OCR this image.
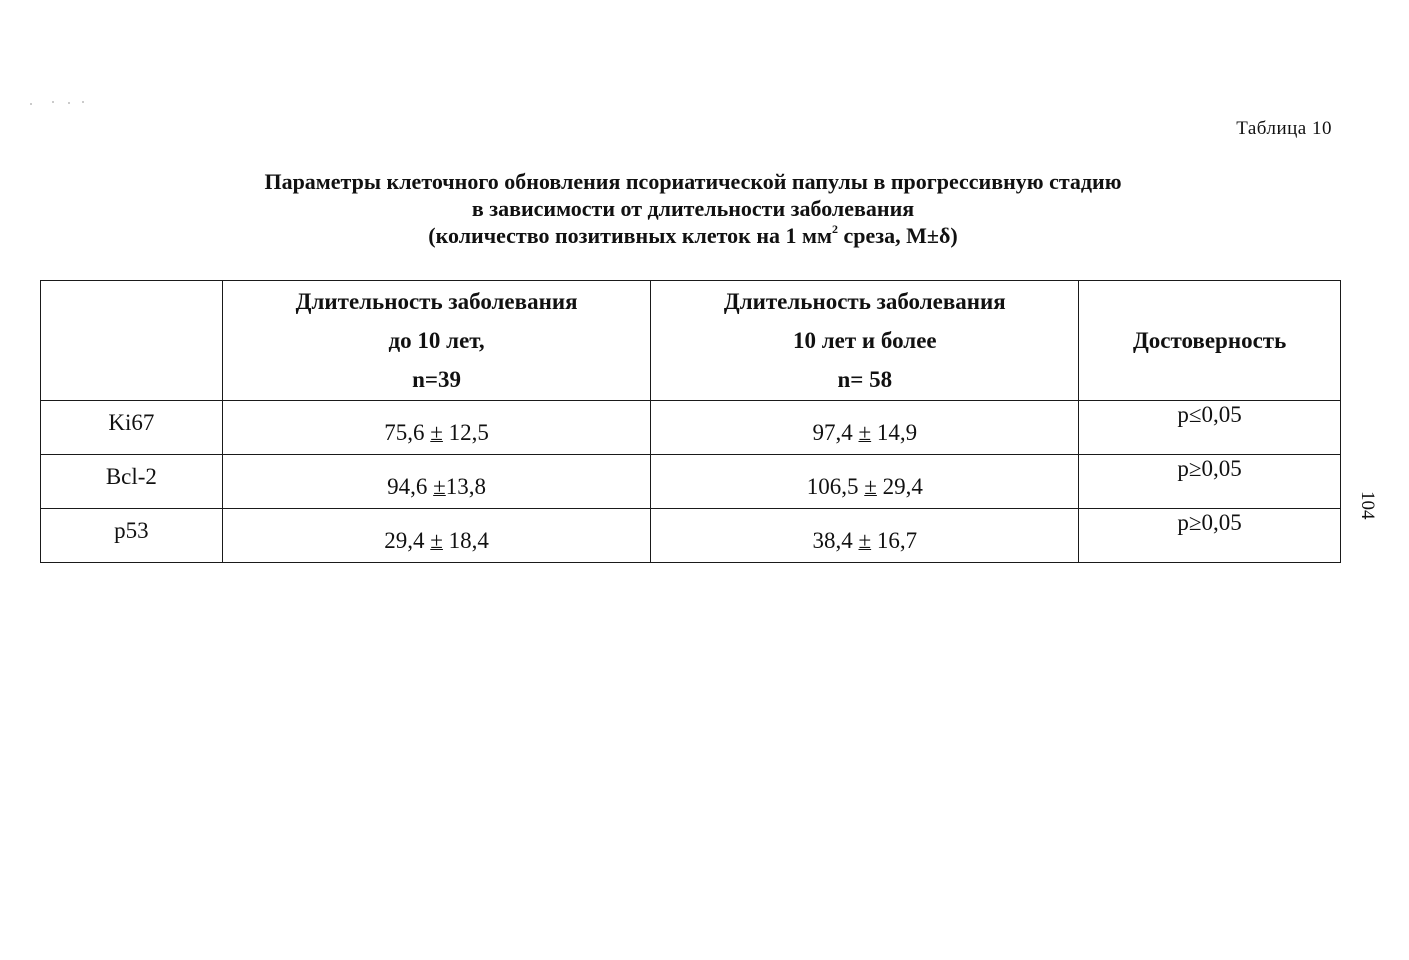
Таблица 10
Параметры клеточного обновления псориатической папулы в прогрессивную стадию
в зависимости от длительности заболевания
(количество позитивных клеток на 1 $мм^2$ среза, M±δ)

	Длительность заболевания
до 10 лет,
n=39	Длительность заболевания
10 лет и более
n= 58	Достоверность
Ki67	75,6 ± 12,5	97,4 ± 14,9	p≤0,05
Bcl-2	94,6 ±13,8	106,5 ± 29,4	p≥0,05
p53	29,4 ± 18,4	38,4 ± 16,7	p≥0,05
104
